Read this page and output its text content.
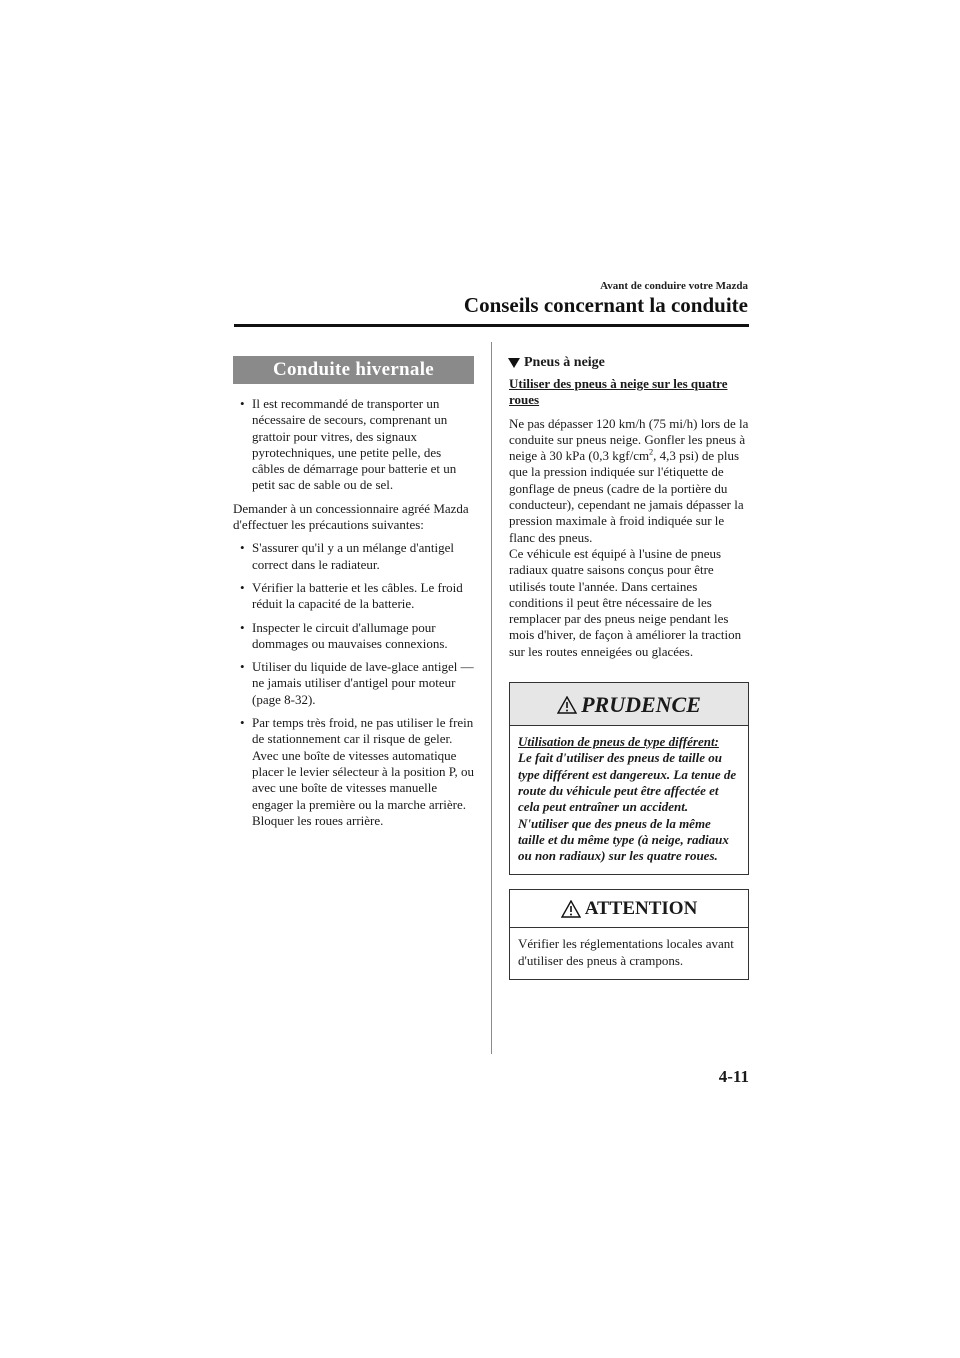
Avant de conduire votre Mazda
Conseils concernant la conduite
Conduite hivernale
• Il est recommandé de transporter un nécessaire de secours, comprenant un grattoir pour vitres, des signaux pyrotechniques, une petite pelle, des câbles de démarrage pour batterie et un petit sac de sable ou de sel.

Demander à un concessionnaire agréé Mazda d'effectuer les précautions suivantes:

• S'assurer qu'il y a un mélange d'antigel correct dans le radiateur.
• Vérifier la batterie et les câbles. Le froid réduit la capacité de la batterie.
• Inspecter le circuit d'allumage pour dommages ou mauvaises connexions.
• Utiliser du liquide de lave-glace antigel — ne jamais utiliser d'antigel pour moteur (page 8-32).
• Par temps très froid, ne pas utiliser le frein de stationnement car il risque de geler. Avec une boîte de vitesses automatique placer le levier sélecteur à la position P, ou avec une boîte de vitesses manuelle engager la première ou la marche arrière. Bloquer les roues arrière.
Pneus à neige

Utiliser des pneus à neige sur les quatre roues

Ne pas dépasser 120 km/h (75 mi/h) lors de la conduite sur pneus neige. Gonfler les pneus à neige à 30 kPa (0,3 kgf/$cm^2$, 4,3 psi) de plus que la pression indiquée sur l'étiquette de gonflage de pneus (cadre de la portière du conducteur), cependant ne jamais dépasser la pression maximale à froid indiquée sur le flanc des pneus.

Ce véhicule est équipé à l'usine de pneus radiaux quatre saisons conçus pour être utilisés toute l'année. Dans certaines conditions il peut être nécessaire de les remplacer par des pneus neige pendant les mois d'hiver, de façon à améliorer la traction sur les routes enneigées ou glacées.

PRUDENCE

Utilisation de pneus de type différent:

Le fait d'utiliser des pneus de taille ou type différent est dangereux. La tenue de route du véhicule peut être affectée et cela peut entraîner un accident. N'utiliser que des pneus de la même taille et du même type (à neige, radiaux ou non radiaux) sur les quatre roues.

ATTENTION

Vérifier les réglementations locales avant d'utiliser des pneus à crampons.

4-11
